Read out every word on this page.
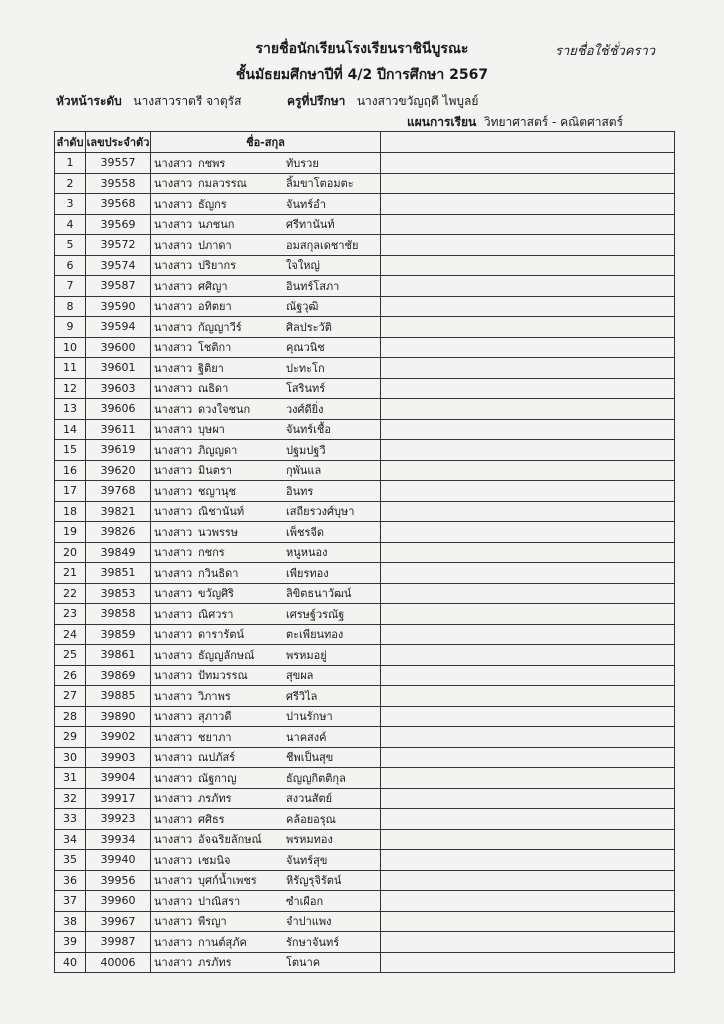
รายชื่อนักเรียนโรงเรียนราชินีบูรณะ	รายชื่อใช้ชั่วคราว
ชั้นมัธยมศึกษาปีที่ 4/2 ปีการศึกษา 2567
หัวหน้าระดับ นางสาวราตรี จาตุรัส	ครูที่ปรึกษา นางสาวขวัญฤดี ไพบูลย์
แผนการเรียน วิทยาศาสตร์ - คณิตศาสตร์
ลำดับ	เลขประจำตัว	ชื่อ-สกุล	
1	39557	นางสาว กชพร ทับรวย	
2	39558	นางสาว กมลวรรณ ลิ้มขาโตอมตะ	
3	39568	นางสาว ธัญกร จันทร์อำ	
4	39569	นางสาว นภชนก ศรีทานันท์	
5	39572	นางสาว ปภาดา อมสกุลเดชาชัย	
6	39574	นางสาว ปริยากร ใจใหญ่	
7	39587	นางสาว ศศิญา อินทร์โสภา	
8	39590	นางสาว อทิตยา ณัฐวุฒิ	
9	39594	นางสาว กัญญาวีร์ ศิลประวัติ	
10	39600	นางสาว โชติกา คุณวนิช	
11	39601	นางสาว ฐิติยา ปะทะโก	
12	39603	นางสาว ณธิดา โสรินทร์	
13	39606	นางสาว ดวงใจชนก วงศ์ดียิ่ง	
14	39611	นางสาว บุษผา จันทร์เชื้อ	
15	39619	นางสาว ภิญญดา ปฐมปฐวี	
16	39620	นางสาว มินตรา กุพันแล	
17	39768	นางสาว ชญานุช อินทร	
18	39821	นางสาว ณิชานันท์ เสถียรวงศ์บุษา	
19	39826	นางสาว นวพรรษ เพ็ชรจีด	
20	39849	นางสาว กชกร หนูหนอง	
21	39851	นางสาว กวินธิดา เพียรทอง	
22	39853	นางสาว ขวัญศิริ ลิขิตธนาวัฒน์	
23	39858	นางสาว ณิศวรา เศรษฐ์วรณัฐ	
24	39859	นางสาว ดารารัตน์ ตะเพียนทอง	
25	39861	นางสาว ธัญญลักษณ์ พรหมอยู่	
26	39869	นางสาว ปัทมวรรณ สุขผล	
27	39885	นางสาว วิภาพร ศรีวิไล	
28	39890	นางสาว สุภาวดี ปานรักษา	
29	39902	นางสาว ชยาภา นาคสงค์	
30	39903	นางสาว ณปภัสร์ ชีพเป็นสุข	
31	39904	นางสาว ณัฐกาญ ธัญญกิตติกุล	
32	39917	นางสาว ภรภัทร สงวนสัตย์	
33	39923	นางสาว ศศิธร คล้อยอรุณ	
34	39934	นางสาว อัจฉริยลักษณ์ พรหมทอง	
35	39940	นางสาว เชมนิจ จันทร์สุข	
36	39956	นางสาว บุศก์น้ำเพชร หิรัญรุจิรัตน์	
37	39960	นางสาว ปาณิสรา ซำเผือก	
38	39967	นางสาว พีรญา จำปาแพง	
39	39987	นางสาว กานต์สุภัค รักษาจันทร์	
40	40006	นางสาว ภรภัทร โตนาค	
